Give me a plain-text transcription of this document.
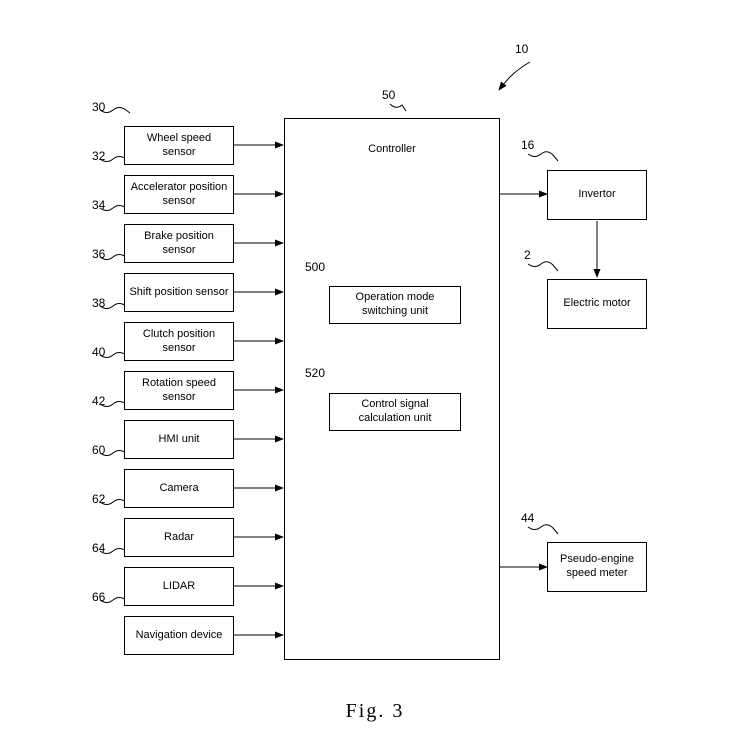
10
Controller
50
Operation mode switching unit
500
Control signal calculation unit
520
Wheel speed sensor
30
Accelerator position sensor
32
Brake position sensor
34
Shift position sensor
36
Clutch position sensor
38
Rotation speed sensor
40
HMI unit
42
Camera
60
Radar
62
LIDAR
64
Navigation device
66
Invertor
16
Electric motor
2
Pseudo-engine speed meter
44
Fig. 3
